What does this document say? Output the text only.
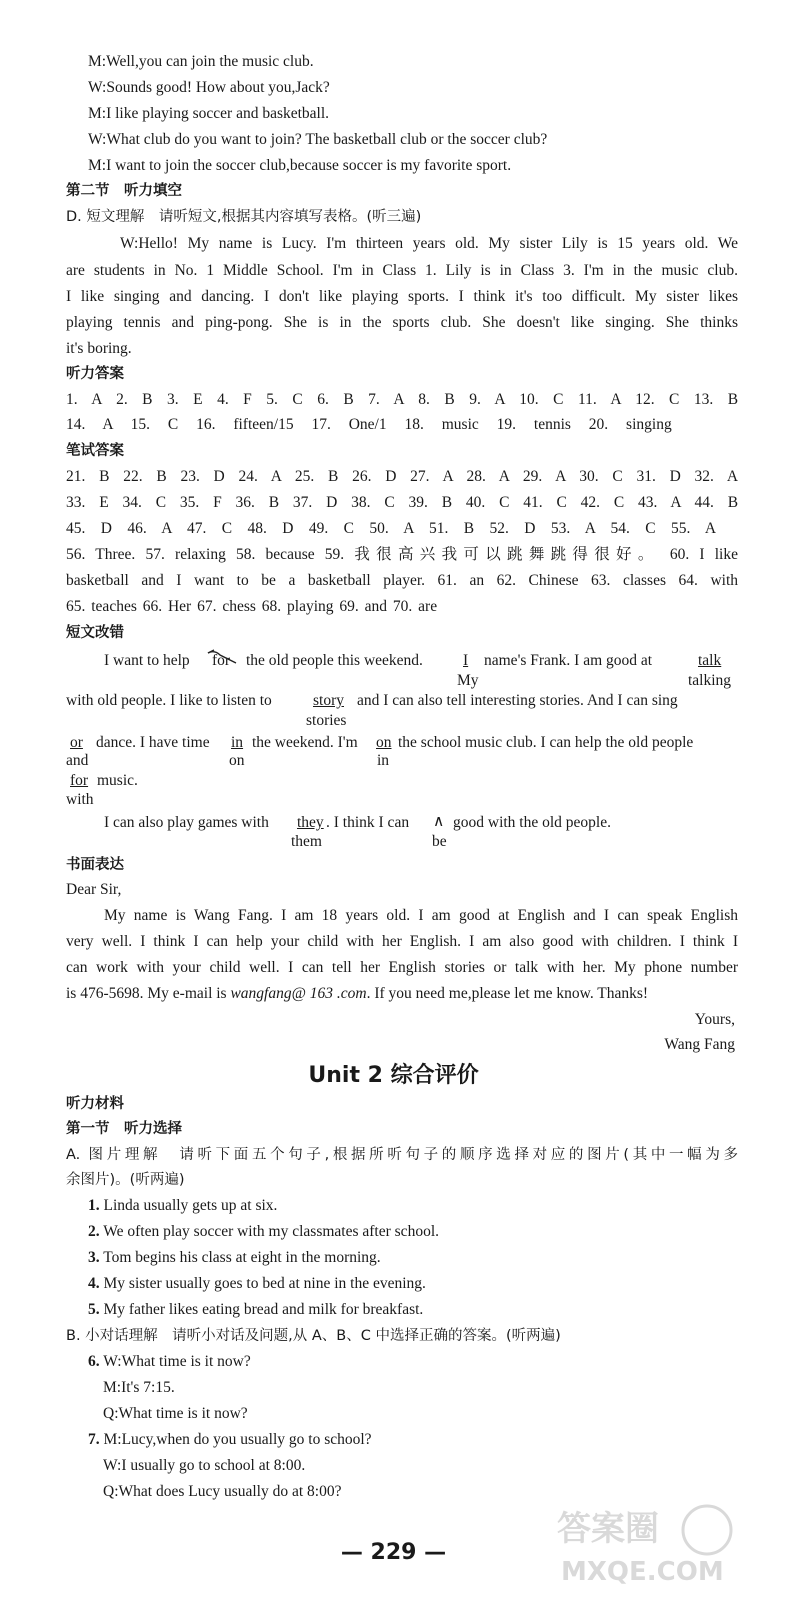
M:Well,you can join the music club.
W:Sounds good! How about you,Jack?
M:I like playing soccer and basketball.
W:What club do you want to join? The basketball club or the soccer club?
M:I want to join the soccer club,because soccer is my favorite sport.
第二节　听力填空
D. 短文理解　请听短文,根据其内容填写表格。(听三遍)
W:Hello! My name is Lucy. I'm thirteen years old. My sister Lily is 15 years old. We
are students in No. 1 Middle School. I'm in Class 1. Lily is in Class 3. I'm in the music club.
I like singing and dancing. I don't like playing sports. I think it's too difficult. My sister likes
playing tennis and ping-pong. She is in the sports club. She doesn't like singing. She thinks
it's boring.
听力答案
1. A 2. B 3. E 4. F 5. C 6. B 7. A 8. B 9. A 10. C 11. A 12. C 13. B
14. A 15. C 16. fifteen/15 17. One/1 18. music 19. tennis 20. singing
笔试答案
21. B 22. B 23. D 24. A 25. B 26. D 27. A 28. A 29. A 30. C 31. D 32. A
33. E 34. C 35. F 36. B 37. D 38. C 39. B 40. C 41. C 42. C 43. A 44. B
45. D 46. A 47. C 48. D 49. C 50. A 51. B 52. D 53. A 54. C 55. A
56. Three. 57. relaxing 58. because 59. 我很高兴我可以跳舞跳得很好。 60. I like
basketball and I want to be a basketball player. 61. an 62. Chinese 63. classes 64. with
65. teaches 66. Her 67. chess 68. playing 69. and 70. are
短文改错
I want to help for the old people this weekend.	I name's Frank. I am good at	talk
My	talking
with old people. I like to listen to	story and I can also tell interesting stories. And I can sing
stories
or dance. I have time in the weekend. I'm on the school music club. I can help the old people
and	on	in
for music.
with
I can also play games with they . I think I can ∧ good with the old people.
them	be
书面表达
Dear Sir,
My name is Wang Fang. I am 18 years old. I am good at English and I can speak English
very well. I think I can help your child with her English. I am also good with children. I think I
can work with your child well. I can tell her English stories or talk with her. My phone number
is 476-5698. My e-mail is wangfang@ 163 .com. If you need me,please let me know. Thanks!
Yours,
Wang Fang
Unit 2 综合评价
听力材料
第一节　听力选择
A. 图片理解　请听下面五个句子,根据所听句子的顺序选择对应的图片(其中一幅为多
余图片)。(听两遍)
1. Linda usually gets up at six.
2. We often play soccer with my classmates after school.
3. Tom begins his class at eight in the morning.
4. My sister usually goes to bed at nine in the evening.
5. My father likes eating bread and milk for breakfast.
B. 小对话理解　请听小对话及问题,从 A、B、C 中选择正确的答案。(听两遍)
6. W:What time is it now?
M:It's 7:15.
Q:What time is it now?
7. M:Lucy,when do you usually go to school?
W:I usually go to school at 8:00.
Q:What does Lucy usually do at 8:00?
— 229 —
答案圈
MXQE.COM
